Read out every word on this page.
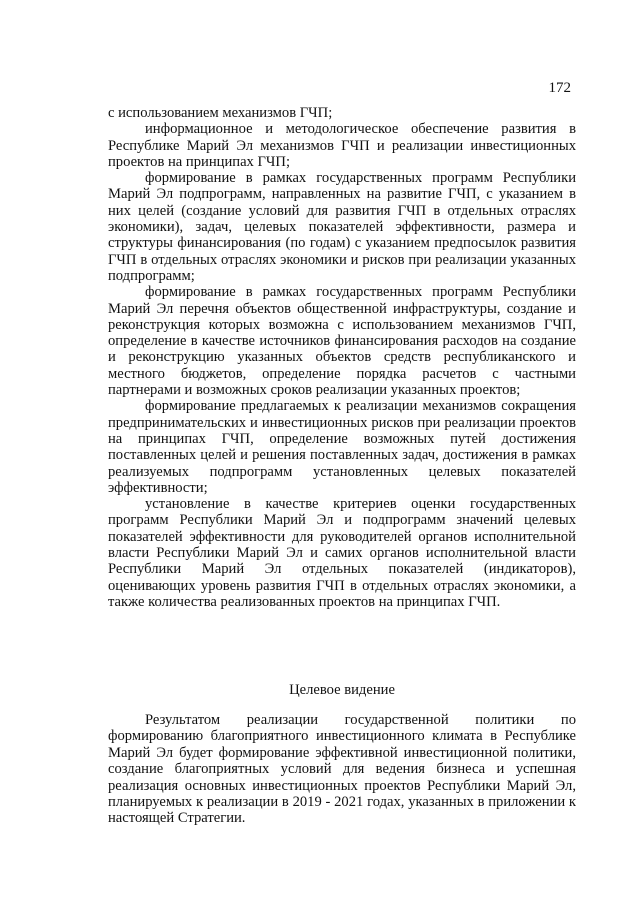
172

с использованием механизмов ГЧП;

информационное и методологическое обеспечение развития в Республике Марий Эл механизмов ГЧП и реализации инвестиционных проектов на принципах ГЧП;

формирование в рамках государственных программ Республики Марий Эл подпрограмм, направленных на развитие ГЧП, с указанием в них целей (создание условий для развития ГЧП в отдельных отраслях экономики), задач, целевых показателей эффективности, размера и структуры финансирования (по годам) с указанием предпосылок развития ГЧП в отдельных отраслях экономики и рисков при реализации указанных подпрограмм;

формирование в рамках государственных программ Республики Марий Эл перечня объектов общественной инфраструктуры, создание и реконструкция которых возможна с использованием механизмов ГЧП, определение в качестве источников финансирования расходов на создание и реконструкцию указанных объектов средств республиканского и местного бюджетов, определение порядка расчетов с частными партнерами и возможных сроков реализации указанных проектов;

формирование предлагаемых к реализации механизмов сокращения предпринимательских и инвестиционных рисков при реализации проектов на принципах ГЧП, определение возможных путей достижения поставленных целей и решения поставленных задач, достижения в рамках реализуемых подпрограмм установленных целевых показателей эффективности;

установление в качестве критериев оценки государственных программ Республики Марий Эл и подпрограмм значений целевых показателей эффективности для руководителей органов исполнительной власти Республики Марий Эл и самих органов исполнительной власти Республики Марий Эл отдельных показателей (индикаторов), оценивающих уровень развития ГЧП в отдельных отраслях экономики, а также количества реализованных проектов на принципах ГЧП.

Целевое видение

Результатом реализации государственной политики по формированию благоприятного инвестиционного климата в Республике Марий Эл будет формирование эффективной инвестиционной политики, создание благоприятных условий для ведения бизнеса и успешная реализация основных инвестиционных проектов Республики Марий Эл, планируемых к реализации в 2019 - 2021 годах, указанных в приложении к настоящей Стратегии.
